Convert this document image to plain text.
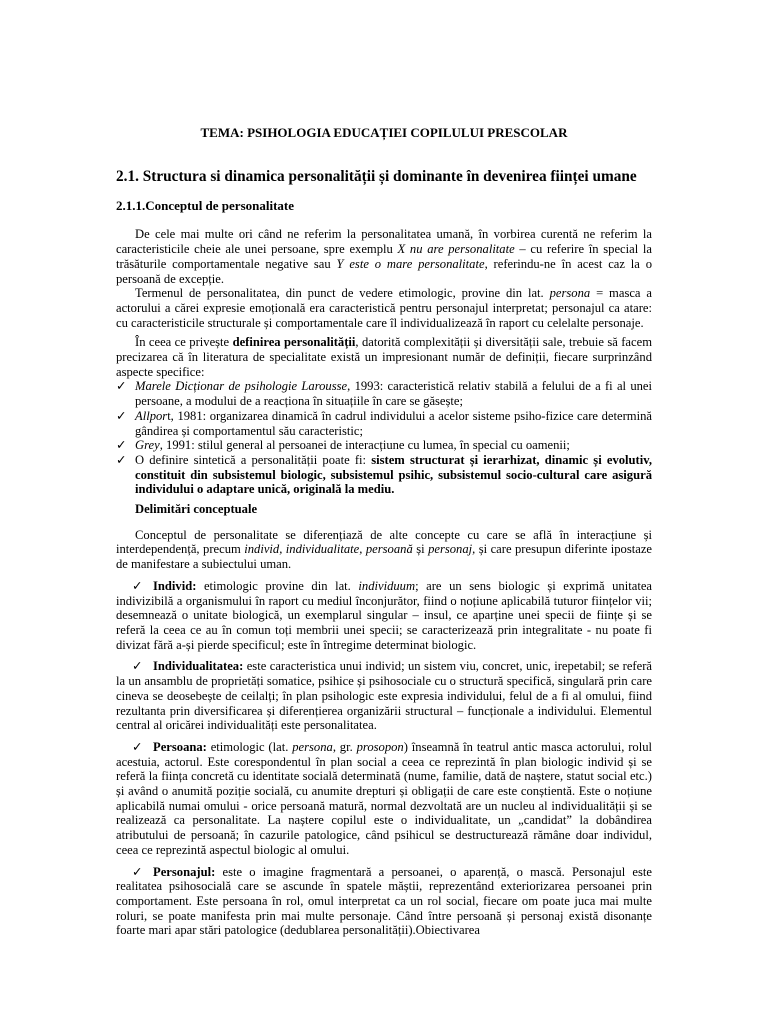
TEMA: PSIHOLOGIA EDUCAȚIEI COPILULUI PRESCOLAR
2.1. Structura si dinamica personalității și dominante în devenirea ființei umane
2.1.1.Conceptul de personalitate

De cele mai multe ori când ne referim la personalitatea umană, în vorbirea curentă ne referim la caracteristicile cheie ale unei persoane, spre exemplu X nu are personalitate – cu referire în special la trăsăturile comportamentale negative sau Y este o mare personalitate, referindu-ne în acest caz la o persoană de excepție.

Termenul de personalitatea, din punct de vedere etimologic, provine din lat. persona = masca a actorului a cărei expresie emoțională era caracteristică pentru personajul interpretat; personajul ca atare: cu caracteristicile structurale și comportamentale care îl individualizează în raport cu celelalte personaje.

În ceea ce privește definirea personalității, datorită complexității și diversității sale, trebuie să facem precizarea că în literatura de specialitate există un impresionant număr de definiții, fiecare surprinzând aspecte specifice:

✓ Marele Dicționar de psihologie Larousse, 1993: caracteristică relativ stabilă a felului de a fi al unei persoane, a modului de a reacționa în situațiile în care se găsește;

✓ Allport, 1981: organizarea dinamică în cadrul individului a acelor sisteme psiho-fizice care determină gândirea și comportamentul său caracteristic;

✓ Grey, 1991: stilul general al persoanei de interacțiune cu lumea, în special cu oamenii;

✓ O definire sintetică a personalității poate fi: sistem structurat și ierarhizat, dinamic și evolutiv, constituit din subsistemul biologic, subsistemul psihic, subsistemul socio-cultural care asigură individului o adaptare unică, originală la mediu.

Delimitări conceptuale

Conceptul de personalitate se diferențiază de alte concepte cu care se află în interacțiune și interdependență, precum individ, individualitate, persoană și personaj, și care presupun diferinte ipostaze de manifestare a subiectului uman.

✓ Individ: etimologic provine din lat. individuum; are un sens biologic și exprimă unitatea indivizibilă a organismului în raport cu mediul înconjurător, fiind o noțiune aplicabilă tuturor ființelor vii; desemnează o unitate biologică, un exemplarul singular – insul, ce aparține unei specii de ființe și se referă la ceea ce au în comun toți membrii unei specii; se caracterizează prin integralitate - nu poate fi divizat fără a-și pierde specificul; este în întregime determinat biologic.

✓ Individualitatea: este caracteristica unui individ; un sistem viu, concret, unic, irepetabil; se referă la un ansamblu de proprietăți somatice, psihice și psihosociale cu o structură specifică, singulară prin care cineva se deosebește de ceilalți; în plan psihologic este expresia individului, felul de a fi al omului, fiind rezultanta prin diversificarea și diferențierea organizării structural – funcționale a individului. Elementul central al oricărei individualități este personalitatea.

✓ Persoana: etimologic (lat. persona, gr. prosopon) înseamnă în teatrul antic masca actorului, rolul acestuia, actorul. Este corespondentul în plan social a ceea ce reprezintă în plan biologic individ și se referă la ființa concretă cu identitate socială determinată (nume, familie, dată de naștere, statut social etc.) și având o anumită poziție socială, cu anumite drepturi și obligații de care este conștientă. Este o noțiune aplicabilă numai omului - orice persoană matură, normal dezvoltată are un nucleu al individualității și se realizează ca personalitate. La naștere copilul este o individualitate, un „candidat” la dobândirea atributului de persoană; în cazurile patologice, când psihicul se destructurează rămâne doar individul, ceea ce reprezintă aspectul biologic al omului.

✓ Personajul: este o imagine fragmentară a persoanei, o aparență, o mască. Personajul este realitatea psihosocială care se ascunde în spatele măștii, reprezentând exteriorizarea persoanei prin comportament. Este persoana în rol, omul interpretat ca un rol social, fiecare om poate juca mai multe roluri, se poate manifesta prin mai multe personaje. Când între persoană și personaj există disonanțe foarte mari apar stări patologice (dedublarea personalității).Obiectivarea
